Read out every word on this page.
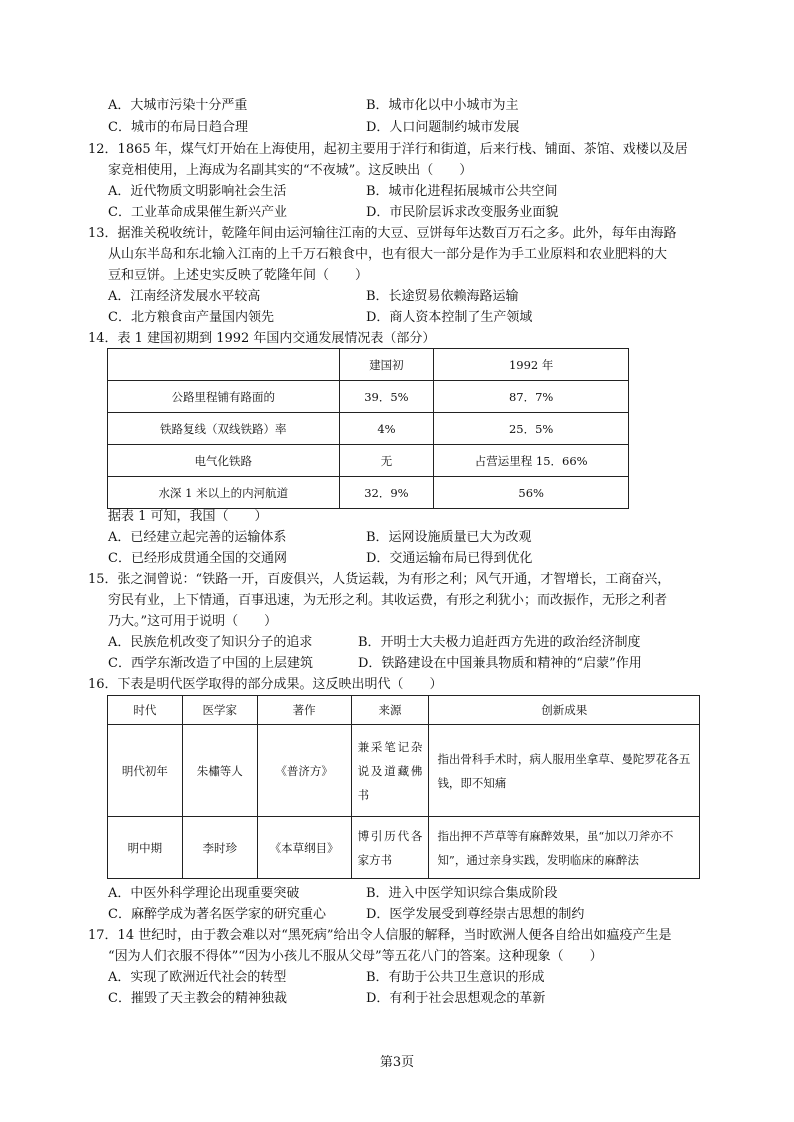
A．大城市污染十分严重	B．城市化以中小城市为主
C．城市的布局日趋合理	D．人口问题制约城市发展
12．1865 年，煤气灯开始在上海使用，起初主要用于洋行和街道，后来行栈、铺面、茶馆、戏楼以及居
家竞相使用，上海成为名副其实的“不夜城”。这反映出（　　）
A．近代物质文明影响社会生活	B．城市化进程拓展城市公共空间
C．工业革命成果催生新兴产业	D．市民阶层诉求改变服务业面貌
13．据淮关税收统计，乾隆年间由运河输往江南的大豆、豆饼每年达数百万石之多。此外，每年由海路
从山东半岛和东北输入江南的上千万石粮食中，也有很大一部分是作为手工业原料和农业肥料的大
豆和豆饼。上述史实反映了乾隆年间（　　）
A．江南经济发展水平较高	B．长途贸易依赖海路运输
C．北方粮食亩产量国内领先	D．商人资本控制了生产领域
14．表 1 建国初期到 1992 年国内交通发展情况表（部分）
	建国初	1992 年
公路里程铺有路面的	39．5%	87．7%
铁路复线（双线铁路）率	4%	25．5%
电气化铁路	无	占营运里程 15．66%
水深 1 米以上的内河航道	32．9%	56%
据表 1 可知，我国（　　）
A．已经建立起完善的运输体系	B．运网设施质量已大为改观
C．已经形成贯通全国的交通网	D．交通运输布局已得到优化
15．张之洞曾说：“铁路一开，百废俱兴，人货运载，为有形之利；风气开通，才智增长，工商奋兴，
穷民有业，上下情通，百事迅速，为无形之利。其收运费，有形之利犹小；而改振作，无形之利者
乃大。”这可用于说明（　　）
A．民族危机改变了知识分子的追求	B．开明士大夫极力追赶西方先进的政治经济制度
C．西学东渐改造了中国的上层建筑	D．铁路建设在中国兼具物质和精神的“启蒙”作用
16．下表是明代医学取得的部分成果。这反映出明代（　　）
时代	医学家	著作	来源	创新成果
明代初年	朱橚等人	《普济方》	兼采笔记杂说及道藏佛书	指出骨科手术时，病人服用坐拿草、曼陀罗花各五钱，即不知痛
明中期	李时珍	《本草纲目》	博引历代各家方书	指出押不芦草等有麻醉效果，虽“加以刀斧亦不知”，通过亲身实践，发明临床的麻醉法
A．中医外科学理论出现重要突破	B．进入中医学知识综合集成阶段
C．麻醉学成为著名医学家的研究重心	D．医学发展受到尊经崇古思想的制约
17．14 世纪时，由于教会难以对“黑死病”给出令人信服的解释，当时欧洲人便各自给出如瘟疫产生是
“因为人们衣服不得体”“因为小孩儿不服从父母”等五花八门的答案。这种现象（　　）
A．实现了欧洲近代社会的转型	B．有助于公共卫生意识的形成
C．摧毁了天主教会的精神独裁	D．有利于社会思想观念的革新
第3页
